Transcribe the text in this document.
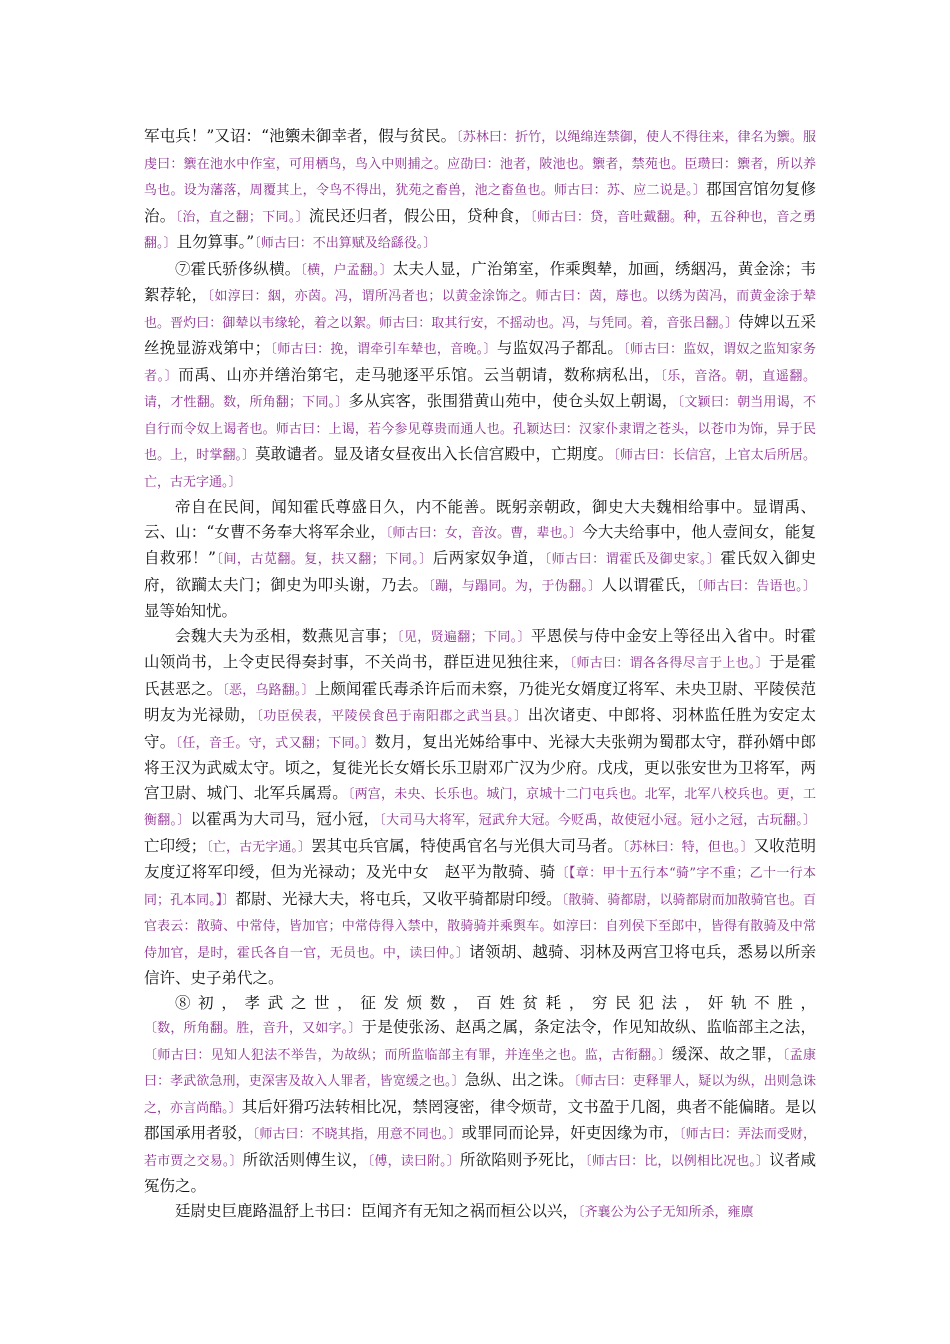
军屯兵！”又诏：“池籞未御幸者，假与贫民。〔苏林曰：折竹，以绳绵连禁御，使人不得往来，律名为籞。服虔曰：籞在池水中作室，可用栖鸟，鸟入中则捕之。应劭曰：池者，陂池也。籞者，禁苑也。臣瓒曰：籞者，所以养鸟也。设为藩落，周覆其上，令鸟不得出，犹苑之畜兽，池之畜鱼也。师古曰：苏、应二说是。〕郡国宫馆勿复修治。〔治，直之翻；下同。〕流民还归者，假公田，贷种食，〔师古曰：贷，音吐戴翻。种，五谷种也，音之勇翻。〕且勿算事。”〔师古曰：不出算赋及给繇役。〕

⑦霍氏骄侈纵横。〔横，户孟翻。〕太夫人显，广治第室，作乘舆辇，加画，绣絪冯，黄金涂；韦絮荐轮，〔如淳曰：絪，亦茵。冯，谓所冯者也；以黄金涂饰之。师古曰：茵，蓐也。以绣为茵冯，而黄金涂于辇也。晋灼曰：御辇以韦缘轮，着之以絮。师古曰：取其行安，不摇动也。冯，与凭同。着，音张吕翻。〕侍婢以五采丝挽显游戏第中；〔师古曰：挽，谓牵引车辇也，音晚。〕与监奴冯子都乱。〔师古曰：监奴，谓奴之监知家务者。〕而禹、山亦并缮治第宅，走马驰逐平乐馆。云当朝请，数称病私出，〔乐，音洛。朝，直遥翻。请，才性翻。数，所角翻；下同。〕多从宾客，张围猎黄山苑中，使仓头奴上朝谒，〔文颖曰：朝当用谒，不自行而令奴上谒者也。师古曰：上谒，若今参见尊贵而通人也。孔颖达曰：汉家仆隶谓之苍头，以苍巾为饰，异于民也。上，时掌翻。〕莫敢谴者。显及诸女昼夜出入长信宫殿中，亡期度。〔师古曰：长信宫，上官太后所居。亡，古无字通。〕

帝自在民间，闻知霍氏尊盛日久，内不能善。既躬亲朝政，御史大夫魏相给事中。显谓禹、云、山：“女曹不务奉大将军余业，〔师古曰：女，音汝。曹，辈也。〕今大夫给事中，他人壹间女，能复自救邪！”〔间，古苋翻。复，扶又翻；下同。〕后两家奴争道，〔师古曰：谓霍氏及御史家。〕霍氏奴入御史府，欲躏太夫门；御史为叩头谢，乃去。〔蹦，与蹋同。为，于伪翻。〕人以谓霍氏，〔师古曰：告语也。〕显等始知忧。

会魏大夫为丞相，数燕见言事；〔见，贤遍翻；下同。〕平恩侯与侍中金安上等径出入省中。时霍山领尚书，上令吏民得奏封事，不关尚书，群臣进见独往来，〔师古曰：谓各各得尽言于上也。〕于是霍氏甚恶之。〔恶，乌路翻。〕上颇闻霍氏毒杀许后而未察，乃徙光女婿度辽将军、未央卫尉、平陵侯范明友为光禄勋，〔功臣侯表，平陵侯食邑于南阳郡之武当县。〕出次诸吏、中郎将、羽林监任胜为安定太守。〔任，音壬。守，式又翻；下同。〕数月，复出光姊给事中、光禄大夫张朔为蜀郡太守，群孙婿中郎将王汉为武威太守。顷之，复徙光长女婿长乐卫尉邓广汉为少府。戊戌，更以张安世为卫将军，两宫卫尉、城门、北军兵属焉。〔两宫，未央、长乐也。城门，京城十二门屯兵也。北军，北军八校兵也。更，工衡翻。〕以霍禹为大司马，冠小冠，〔大司马大将军，冠武弁大冠。今贬禹，故使冠小冠。冠小之冠，古玩翻。〕亡印绶；〔亡，古无字通。〕罢其屯兵官属，特使禹官名与光俱大司马者。〔苏林曰：特，但也。〕又收范明友度辽将军印绶，但为光禄动；及光中女　赵平为散骑、骑〔【章：甲十五行本“骑”字不重；乙十一行本同；孔本同。】〕都尉、光禄大夫，将屯兵，又收平骑都尉印绶。〔散骑、骑都尉，以骑都尉而加散骑官也。百官表云：散骑、中常侍，皆加官；中常侍得入禁中，散骑骑并乘舆车。如淳曰：自列侯下至郎中，皆得有散骑及中常侍加官，是时，霍氏各自一官，无员也。中，读曰仲。〕诸领胡、越骑、羽林及两宫卫将屯兵，悉易以所亲信许、史子弟代之。

⑧初，孝武之世，征发烦数，百姓贫耗，穷民犯法，奸轨不胜，〔数，所角翻。胜，音升，又如字。〕于是使张汤、赵禹之属，条定法令，作见知故纵、监临部主之法，〔师古曰：见知人犯法不举告，为故纵；而所监临部主有罪，并连坐之也。监，古衔翻。〕缓深、故之罪，〔孟康曰：孝武欲急刑，吏深害及故入人罪者，皆宽缓之也。〕急纵、出之诛。〔师古曰：吏释罪人，疑以为纵，出则急诛之，亦言尚酷。〕其后奸猾巧法转相比况，禁罔寖密，律令烦苛，文书盈于几阁，典者不能偏睹。是以郡国承用者驳，〔师古曰：不晓其指，用意不同也。〕或罪同而论异，奸吏因缘为市，〔师古曰：弄法而受财，若市贾之交易。〕所欲活则傅生议，〔傅，读曰附。〕所欲陷则予死比，〔师古曰：比，以例相比况也。〕议者咸冤伤之。

廷尉史巨鹿路温舒上书曰：臣闻齐有无知之祸而桓公以兴，〔齐襄公为公子无知所杀，雍廪
